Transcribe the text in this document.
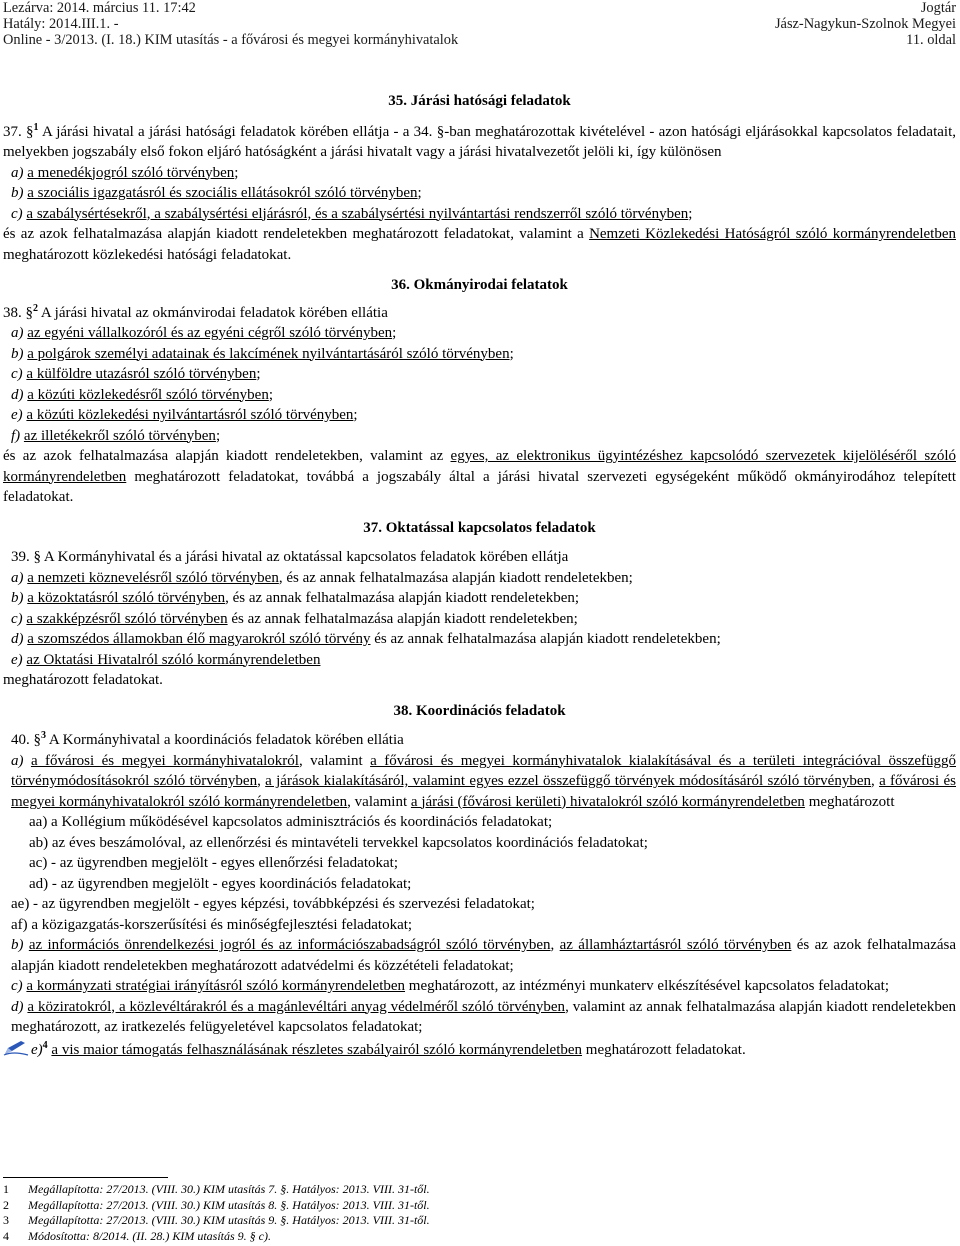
Lezárva: 2014. március 11. 17:42
Hatály: 2014.III.1. -
Online - 3/2013. (I. 18.) KIM utasítás - a fővárosi és megyei kormányhivatalok
Jogtár
Jász-Nagykun-Szolnok Megyei
11. oldal

35. Járási hatósági feladatok

37. §$^1$ A járási hivatal a járási hatósági feladatok körében ellátja - a 34. §-ban meghatározottak kivételével - azon hatósági eljárásokkal kapcsolatos feladatait, melyekben jogszabály első fokon eljáró hatóságként a járási hivatalt vagy a járási hivatalvezetőt jelöli ki, így különösen

a) a menedékjogról szóló törvényben;

b) a szociális igazgatásról és szociális ellátásokról szóló törvényben;

c) a szabálysértésekről, a szabálysértési eljárásról, és a szabálysértési nyilvántartási rendszerről szóló törvényben;

és az azok felhatalmazása alapján kiadott rendeletekben meghatározott feladatokat, valamint a Nemzeti Közlekedési Hatóságról szóló kormányrendeletben meghatározott közlekedési hatósági feladatokat.

36. Okmányirodai felatatok

38. §$^2$ A járási hivatal az okmánvirodai feladatok körében ellátia

a) az egyéni vállalkozóról és az egyéni cégről szóló törvényben;

b) a polgárok személyi adatainak és lakcímének nyilvántartásáról szóló törvényben;

c) a külföldre utazásról szóló törvényben;

d) a közúti közlekedésről szóló törvényben;

e) a közúti közlekedési nyilvántartásról szóló törvényben;

f) az illetékekről szóló törvényben;

és az azok felhatalmazása alapján kiadott rendeletekben, valamint az egyes, az elektronikus ügyintézéshez kapcsolódó szervezetek kijelöléséről szóló kormányrendeletben meghatározott feladatokat, továbbá a jogszabály által a járási hivatal szervezeti egységeként működő okmányirodához telepített feladatokat.

37. Oktatással kapcsolatos feladatok

39. § A Kormányhivatal és a járási hivatal az oktatással kapcsolatos feladatok körében ellátja

a) a nemzeti köznevelésről szóló törvényben, és az annak felhatalmazása alapján kiadott rendeletekben;

b) a közoktatásról szóló törvényben, és az annak felhatalmazása alapján kiadott rendeletekben;

c) a szakképzésről szóló törvényben és az annak felhatalmazása alapján kiadott rendeletekben;

d) a szomszédos államokban élő magyarokról szóló törvény és az annak felhatalmazása alapján kiadott rendeletekben;

e) az Oktatási Hivatalról szóló kormányrendeletben

meghatározott feladatokat.

38. Koordinációs feladatok

40. §$^3$ A Kormányhivatal a koordinációs feladatok körében ellátia

a) a fővárosi és megyei kormányhivatalokról, valamint a fővárosi és megyei kormányhivatalok kialakításával és a területi integrációval összefüggő törvénymódosításokról szóló törvényben, a járások kialakításáról, valamint egyes ezzel összefüggő törvények módosításáról szóló törvényben, a fővárosi és megyei kormányhivatalokról szóló kormányrendeletben, valamint a járási (fővárosi kerületi) hivatalokról szóló kormányrendeletben meghatározott

aa) a Kollégium működésével kapcsolatos adminisztrációs és koordinációs feladatokat;

ab) az éves beszámolóval, az ellenőrzési és mintavételi tervekkel kapcsolatos koordinációs feladatokat;

ac) - az ügyrendben megjelölt - egyes ellenőrzési feladatokat;

ad) - az ügyrendben megjelölt - egyes koordinációs feladatokat;

ae) - az ügyrendben megjelölt - egyes képzési, továbbképzési és szervezési feladatokat;

af) a közigazgatás-korszerűsítési és minőségfejlesztési feladatokat;

b) az információs önrendelkezési jogról és az információszabadságról szóló törvényben, az államháztartásról szóló törvényben és az azok felhatalmazása alapján kiadott rendeletekben meghatározott adatvédelmi és közzétételi feladatokat;

c) a kormányzati stratégiai irányításról szóló kormányrendeletben meghatározott, az intézményi munkaterv elkészítésével kapcsolatos feladatokat;

d) a köziratokról, a közlevéltárakról és a magánlevéltári anyag védelméről szóló törvényben, valamint az annak felhatalmazása alapján kiadott rendeletekben meghatározott, az iratkezelés felügyeletével kapcsolatos feladatokat;

e)$^4$ a vis maior támogatás felhasználásának részletes szabályairól szóló kormányrendeletben meghatározott feladatokat.

1 Megállapította: 27/2013. (VIII. 30.) KIM utasítás 7. §. Hatályos: 2013. VIII. 31-től.
2 Megállapította: 27/2013. (VIII. 30.) KIM utasítás 8. §. Hatályos: 2013. VIII. 31-től.
3 Megállapította: 27/2013. (VIII. 30.) KIM utasítás 9. §. Hatályos: 2013. VIII. 31-től.
4 Módosította: 8/2014. (II. 28.) KIM utasítás 9. § c).
